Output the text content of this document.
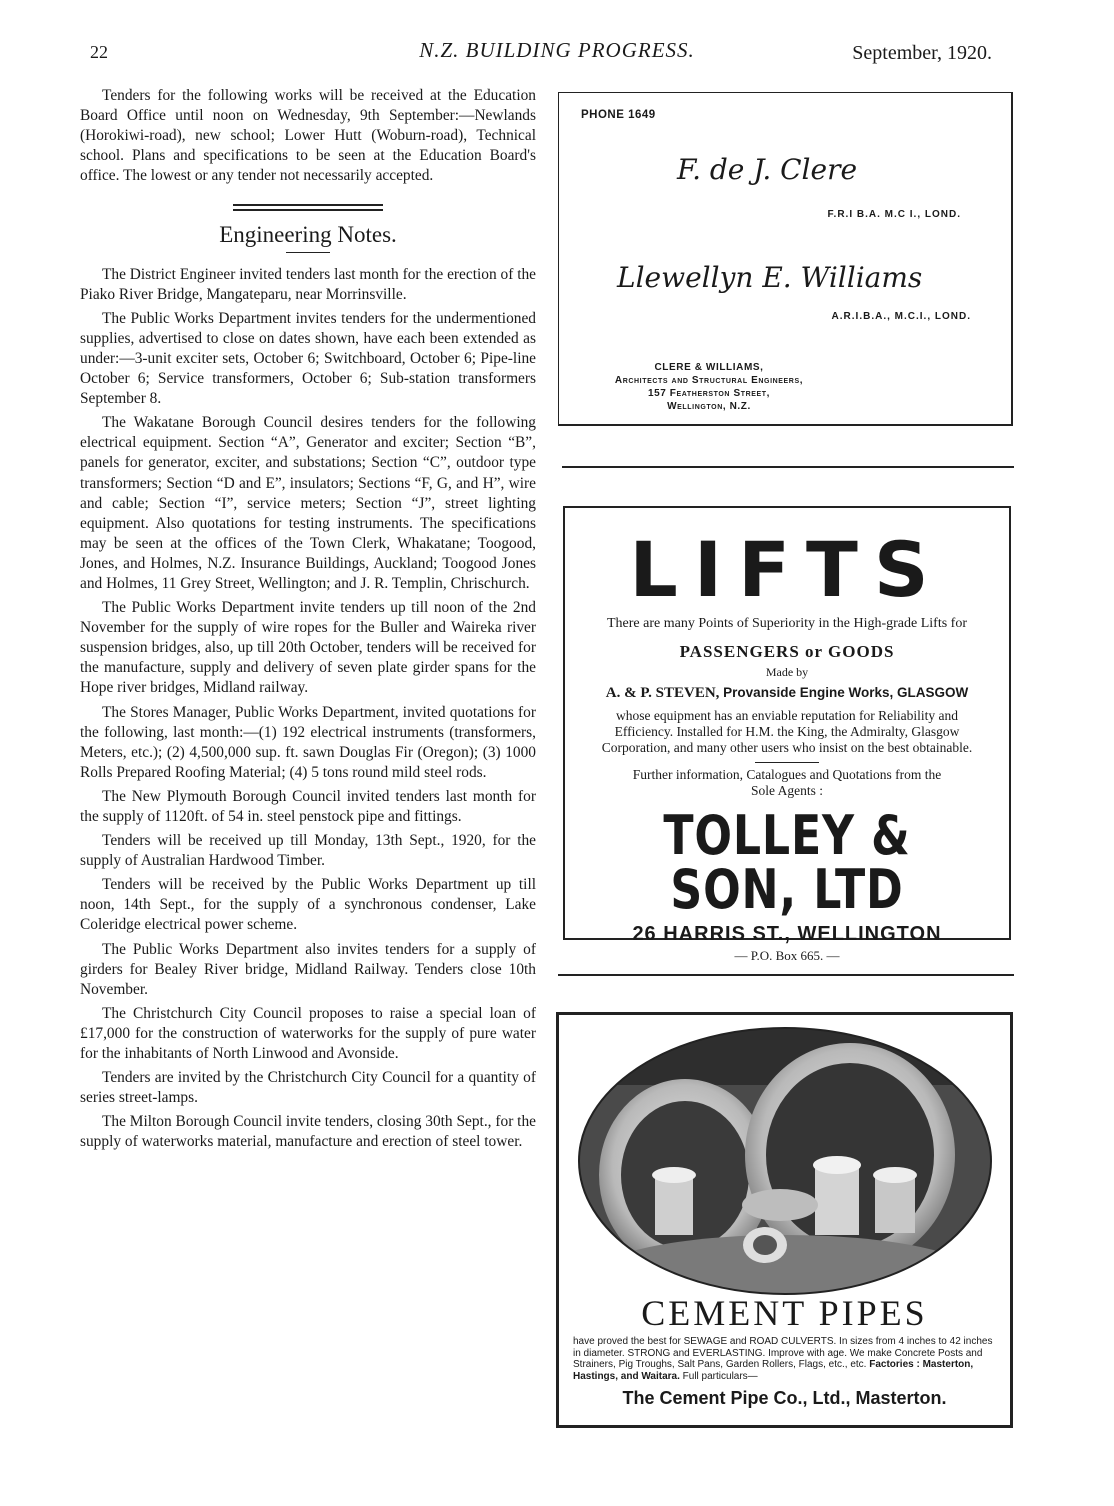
22	N.Z. BUILDING PROGRESS.	September, 1920.

Tenders for the following works will be received at the Education Board Office until noon on Wednesday, 9th September:—Newlands (Horokiwi-road), new school; Lower Hutt (Woburn-road), Technical school. Plans and specifications to be seen at the Education Board's office. The lowest or any tender not necessarily accepted.

Engineering Notes.

The District Engineer invited tenders last month for the erection of the Piako River Bridge, Mangateparu, near Morrinsville.

The Public Works Department invites tenders for the undermentioned supplies, advertised to close on dates shown, have each been extended as under:—3-unit exciter sets, October 6; Switchboard, October 6; Pipe-line October 6; Service transformers, October 6; Sub-station transformers September 8.

The Wakatane Borough Council desires tenders for the following electrical equipment. Section “A”, Generator and exciter; Section “B”, panels for generator, exciter, and substations; Section “C”, outdoor type transformers; Section “D and E”, insulators; Sections “F, G, and H”, wire and cable; Section “I”, service meters; Section “J”, street lighting equipment. Also quotations for testing instruments. The specifications may be seen at the offices of the Town Clerk, Whakatane; Toogood, Jones, and Holmes, N.Z. Insurance Buildings, Auckland; Toogood Jones and Holmes, 11 Grey Street, Wellington; and J. R. Templin, Chrischurch.

The Public Works Department invite tenders up till noon of the 2nd November for the supply of wire ropes for the Buller and Waireka river suspension bridges, also, up till 20th October, tenders will be received for the manufacture, supply and delivery of seven plate girder spans for the Hope river bridges, Midland railway.

The Stores Manager, Public Works Department, invited quotations for the following, last month:—(1) 192 electrical instruments (transformers, Meters, etc.); (2) 4,500,000 sup. ft. sawn Douglas Fir (Oregon); (3) 1000 Rolls Prepared Roofing Material; (4) 5 tons round mild steel rods.

The New Plymouth Borough Council invited tenders last month for the supply of 1120ft. of 54 in. steel penstock pipe and fittings.

Tenders will be received up till Monday, 13th Sept., 1920, for the supply of Australian Hardwood Timber.

Tenders will be received by the Public Works Department up till noon, 14th Sept., for the supply of a synchronous condenser, Lake Coleridge electrical power scheme.

The Public Works Department also invites tenders for a supply of girders for Bealey River bridge, Midland Railway. Tenders close 10th November.

The Christchurch City Council proposes to raise a special loan of £17,000 for the construction of waterworks for the supply of pure water for the inhabitants of North Linwood and Avonside.

Tenders are invited by the Christchurch City Council for a quantity of series street-lamps.

The Milton Borough Council invite tenders, closing 30th Sept., for the supply of waterworks material, manufacture and erection of steel tower.

PHONE 1649
F. de J. Clere
F.R.I B.A. M.C I., LOND.
Llewellyn E. Williams
A.R.I.B.A., M.C.I., LOND.
CLERE & WILLIAMS,
Architects and Structural Engineers,
157 Featherston Street,
Wellington, N.Z.
LIFTS
There are many Points of Superiority in the High-grade Lifts for
PASSENGERS or GOODS
Made by
A. & P. STEVEN, Provanside Engine Works, GLASGOW
whose equipment has an enviable reputation for Reliability and Efficiency. Installed for H.M. the King, the Admiralty, Glasgow Corporation, and many other users who insist on the best obtainable.
Further information, Catalogues and Quotations from the Sole Agents :
TOLLEY & SON, LTD
26 HARRIS ST., WELLINGTON
— P.O. Box 665. —
CEMENT PIPES
have proved the best for SEWAGE and ROAD CULVERTS. In sizes from 4 inches to 42 inches in diameter. STRONG and EVERLASTING. Improve with age. We make Concrete Posts and Strainers, Pig Troughs, Salt Pans, Garden Rollers, Flags, etc., etc. Factories : Masterton, Hastings, and Waitara. Full particulars—
The Cement Pipe Co., Ltd., Masterton.
